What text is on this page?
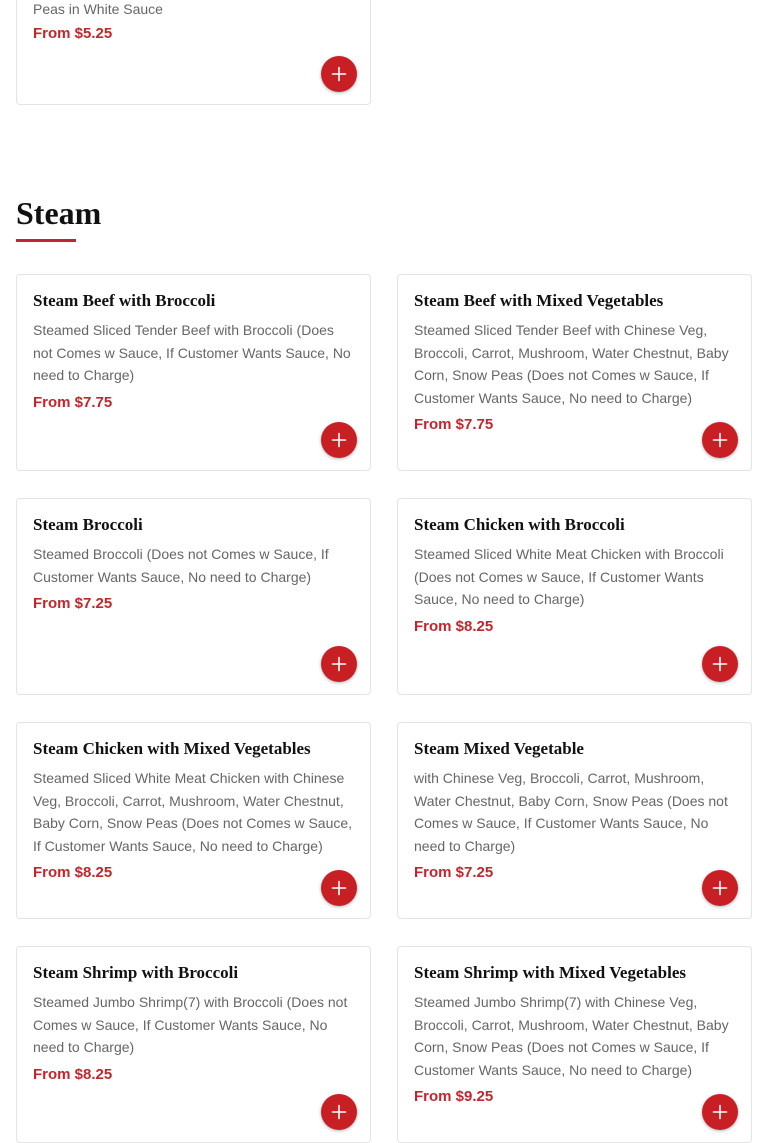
Peas in White Sauce

From $5.25
Steam
Steam Beef with Broccoli

Steamed Sliced Tender Beef with Broccoli (Does not Comes w Sauce, If Customer Wants Sauce, No need to Charge)

From $7.75
Steam Beef with Mixed Vegetables

Steamed Sliced Tender Beef with Chinese Veg, Broccoli, Carrot, Mushroom, Water Chestnut, Baby Corn, Snow Peas (Does not Comes w Sauce, If Customer Wants Sauce, No need to Charge)

From $7.75
Steam Broccoli

Steamed Broccoli (Does not Comes w Sauce, If Customer Wants Sauce, No need to Charge)

From $7.25
Steam Chicken with Broccoli

Steamed Sliced White Meat Chicken with Broccoli (Does not Comes w Sauce, If Customer Wants Sauce, No need to Charge)

From $8.25
Steam Chicken with Mixed Vegetables

Steamed Sliced White Meat Chicken with Chinese Veg, Broccoli, Carrot, Mushroom, Water Chestnut, Baby Corn, Snow Peas (Does not Comes w Sauce, If Customer Wants Sauce, No need to Charge)

From $8.25
Steam Mixed Vegetable

with Chinese Veg, Broccoli, Carrot, Mushroom, Water Chestnut, Baby Corn, Snow Peas (Does not Comes w Sauce, If Customer Wants Sauce, No need to Charge)

From $7.25
Steam Shrimp with Broccoli

Steamed Jumbo Shrimp(7) with Broccoli (Does not Comes w Sauce, If Customer Wants Sauce, No need to Charge)

From $8.25
Steam Shrimp with Mixed Vegetables

Steamed Jumbo Shrimp(7) with Chinese Veg, Broccoli, Carrot, Mushroom, Water Chestnut, Baby Corn, Snow Peas (Does not Comes w Sauce, If Customer Wants Sauce, No need to Charge)

From $9.25
